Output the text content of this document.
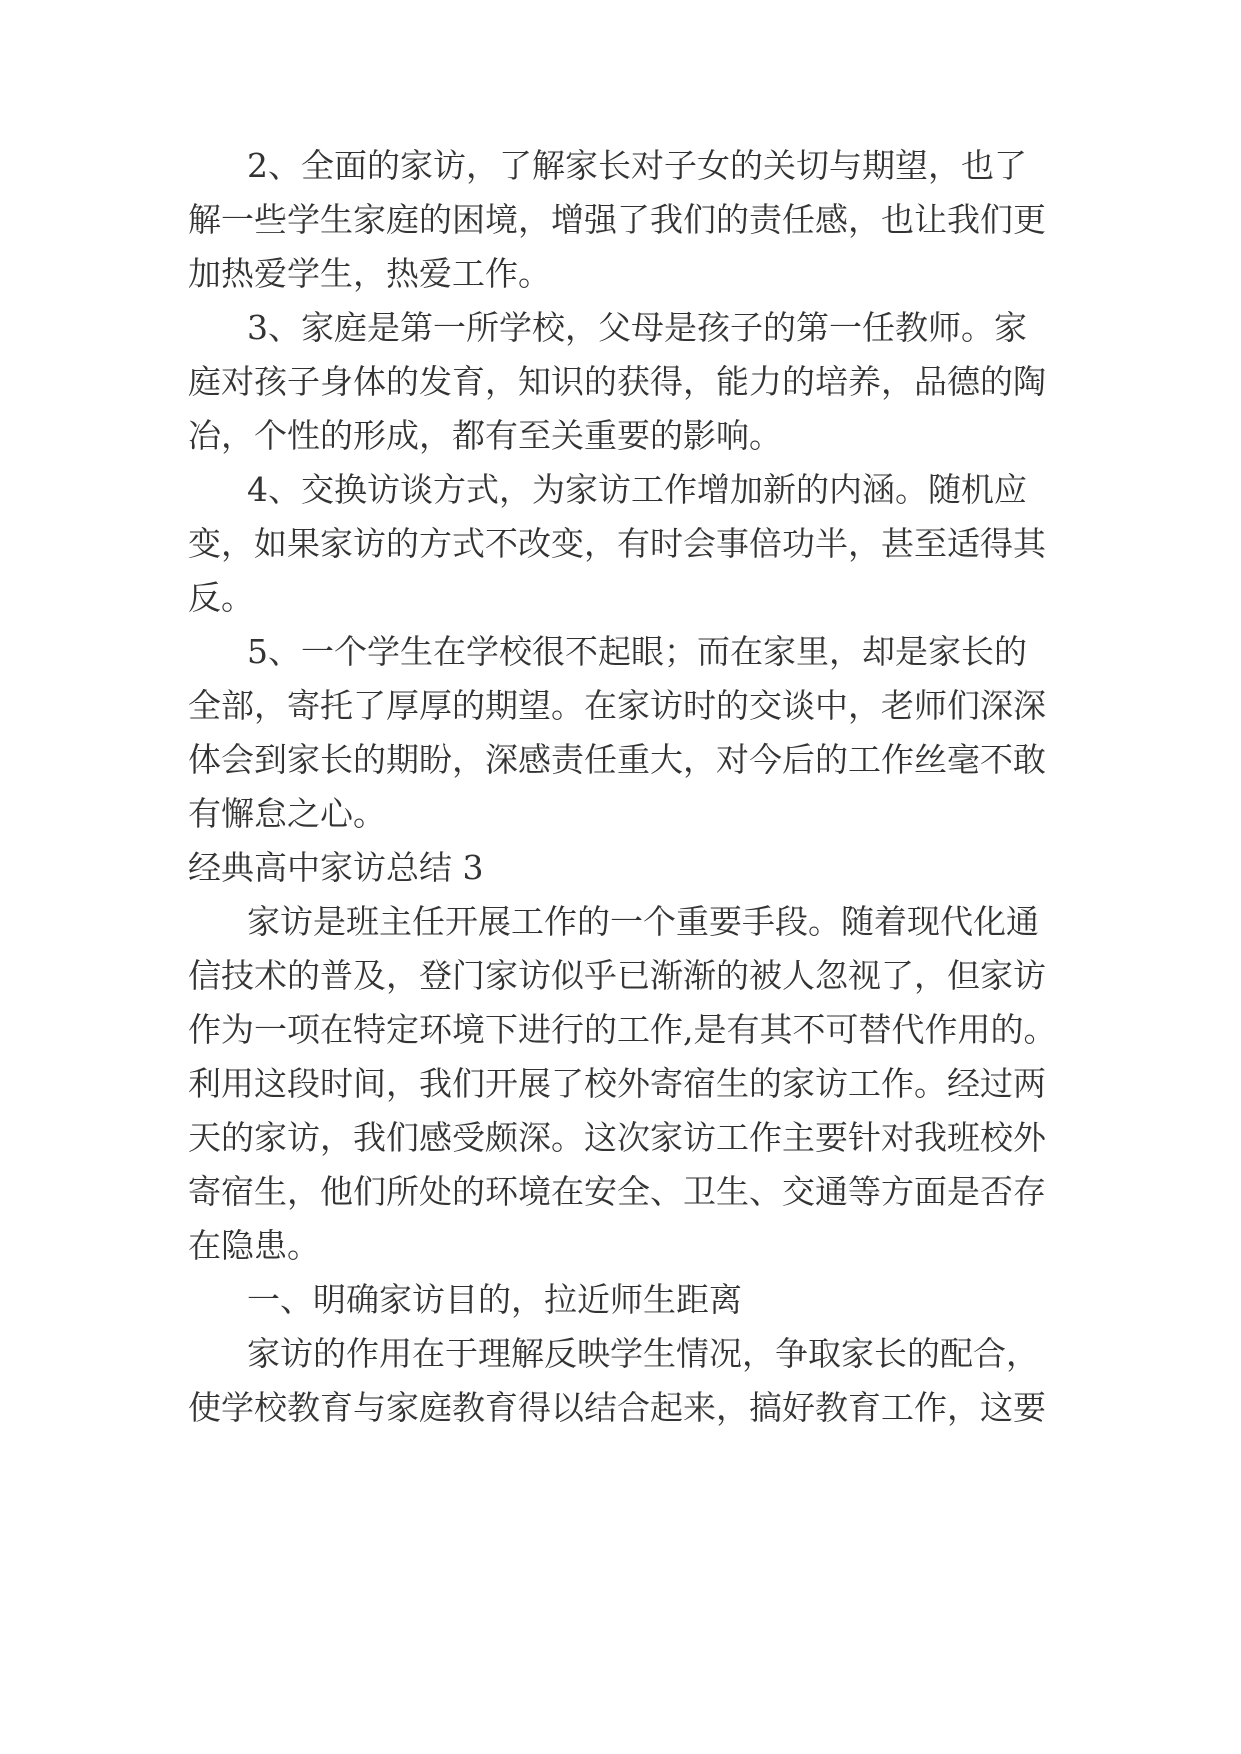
2、全面的家访，了解家长对子女的关切与期望，也了

解一些学生家庭的困境，增强了我们的责任感，也让我们更

加热爱学生，热爱工作。

3、家庭是第一所学校，父母是孩子的第一任教师。家

庭对孩子身体的发育，知识的获得，能力的培养，品德的陶

冶，个性的形成，都有至关重要的影响。

4、交换访谈方式，为家访工作增加新的内涵。随机应

变，如果家访的方式不改变，有时会事倍功半，甚至适得其

反。

5、一个学生在学校很不起眼；而在家里，却是家长的

全部，寄托了厚厚的期望。在家访时的交谈中，老师们深深

体会到家长的期盼，深感责任重大，对今后的工作丝毫不敢

有懈怠之心。

经典高中家访总结 3

家访是班主任开展工作的一个重要手段。随着现代化通

信技术的普及，登门家访似乎已渐渐的被人忽视了，但家访

作为一项在特定环境下进行的工作,是有其不可替代作用的。

利用这段时间，我们开展了校外寄宿生的家访工作。经过两

天的家访，我们感受颇深。这次家访工作主要针对我班校外

寄宿生，他们所处的环境在安全、卫生、交通等方面是否存

在隐患。

一、明确家访目的，拉近师生距离

家访的作用在于理解反映学生情况，争取家长的配合，

使学校教育与家庭教育得以结合起来，搞好教育工作，这要
